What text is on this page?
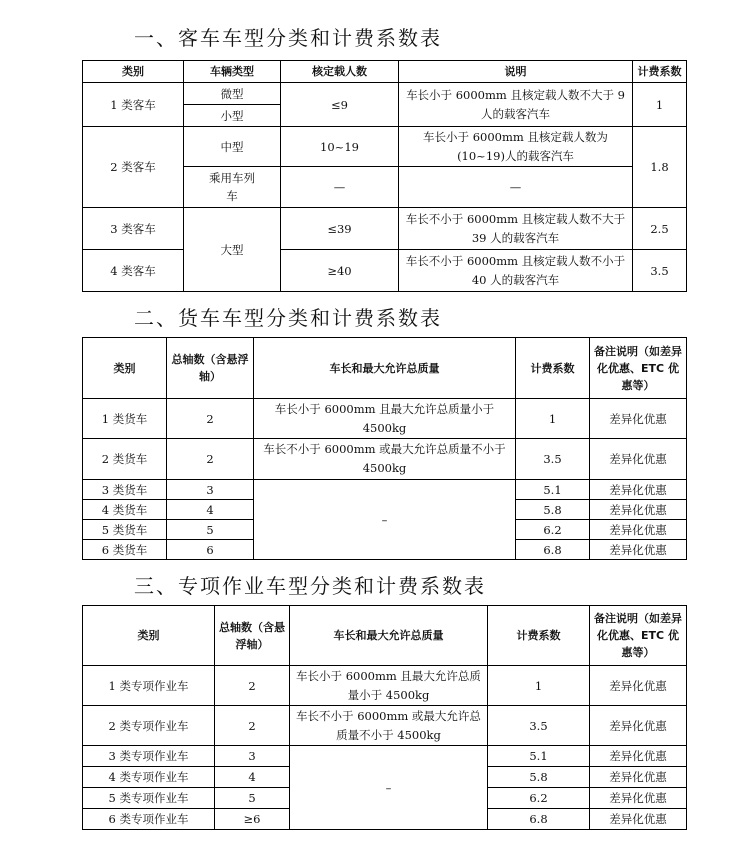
一、客车车型分类和计费系数表
类别	车辆类型	核定载人数	说明	计费系数
1 类客车	微型	≤9	车长小于 6000mm 且核定载人数不大于 9 人的载客汽车	1
	小型			
2 类客车	中型	10~19	车长小于 6000mm 且核定载人数为(10~19)人的载客汽车	1.8
	乘用车列车	—	—	
3 类客车	大型	≤39	车长不小于 6000mm 且核定载人数不大于 39 人的载客汽车	2.5
4 类客车		≥40	车长不小于 6000mm 且核定载人数不小于 40 人的载客汽车	3.5
二、货车车型分类和计费系数表
类别	总轴数（含悬浮轴）	车长和最大允许总质量	计费系数	备注说明（如差异化优惠、ETC 优惠等）
1 类货车	2	车长小于 6000mm 且最大允许总质量小于 4500kg	1	差异化优惠
2 类货车	2	车长不小于 6000mm 或最大允许总质量不小于 4500kg	3.5	差异化优惠
3 类货车	3	–	5.1	差异化优惠
4 类货车	4		5.8	差异化优惠
5 类货车	5		6.2	差异化优惠
6 类货车	6		6.8	差异化优惠
三、专项作业车型分类和计费系数表
类别	总轴数（含悬浮轴）	车长和最大允许总质量	计费系数	备注说明（如差异化优惠、ETC 优惠等）
1 类专项作业车	2	车长小于 6000mm 且最大允许总质量小于 4500kg	1	差异化优惠
2 类专项作业车	2	车长不小于 6000mm 或最大允许总质量不小于 4500kg	3.5	差异化优惠
3 类专项作业车	3	–	5.1	差异化优惠
4 类专项作业车	4		5.8	差异化优惠
5 类专项作业车	5		6.2	差异化优惠
6 类专项作业车	≥6		6.8	差异化优惠
